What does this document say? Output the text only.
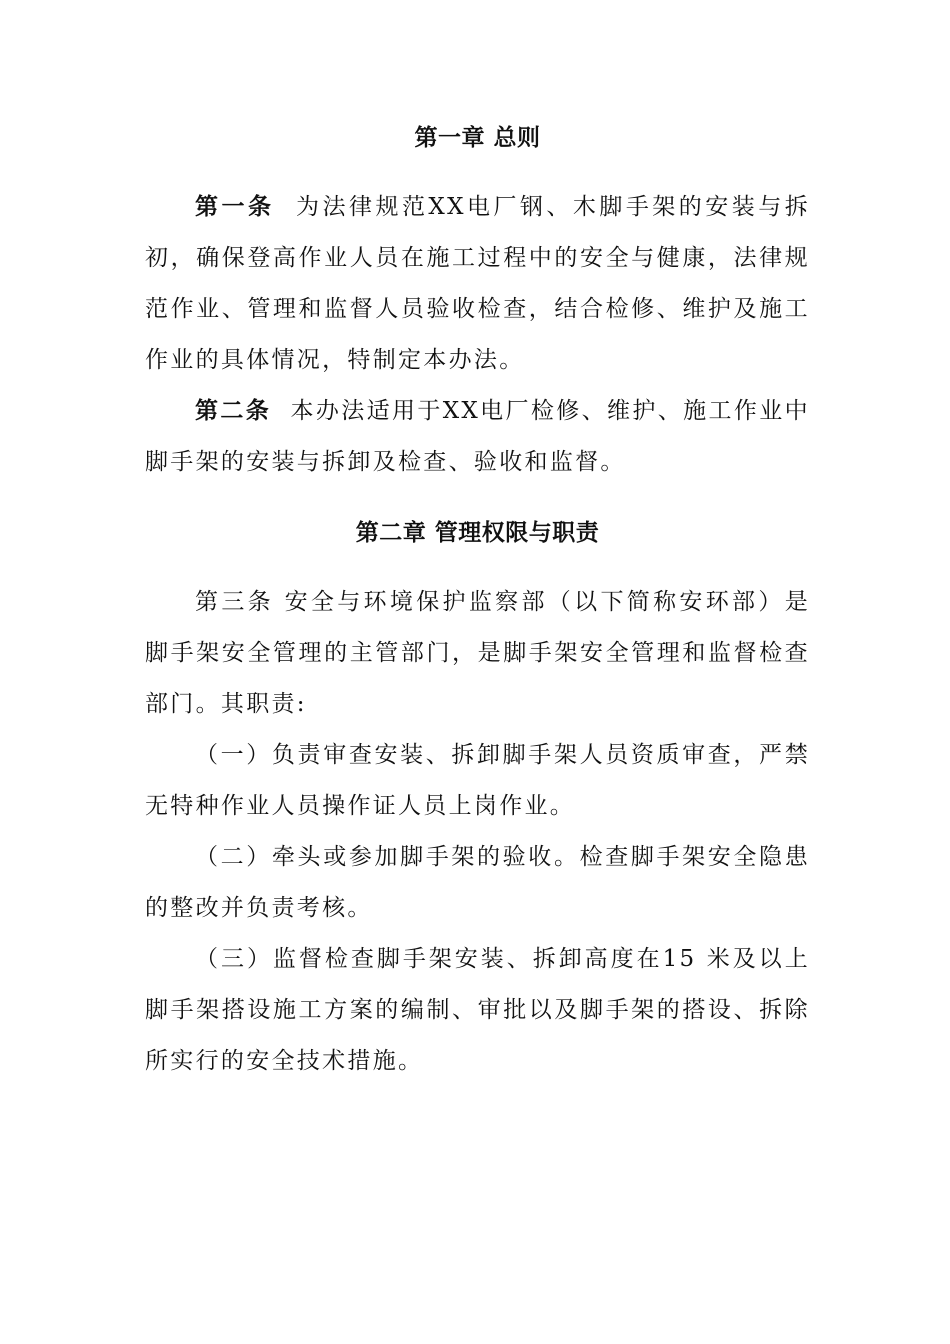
第一章 总则

第一条 为法律规范XX电厂钢、木脚手架的安装与拆初，确保登高作业人员在施工过程中的安全与健康，法律规范作业、管理和监督人员验收检查，结合检修、维护及施工作业的具体情况，特制定本办法。

第二条 本办法适用于XX电厂检修、维护、施工作业中脚手架的安装与拆卸及检查、验收和监督。

第二章 管理权限与职责

第三条 安全与环境保护监察部（以下简称安环部）是脚手架安全管理的主管部门，是脚手架安全管理和监督检查部门。其职责:

（一）负责审查安装、拆卸脚手架人员资质审查，严禁无特种作业人员操作证人员上岗作业。

（二）牵头或参加脚手架的验收。检查脚手架安全隐患的整改并负责考核。

（三）监督检查脚手架安装、拆卸高度在15 米及以上脚手架搭设施工方案的编制、审批以及脚手架的搭设、拆除所实行的安全技术措施。
